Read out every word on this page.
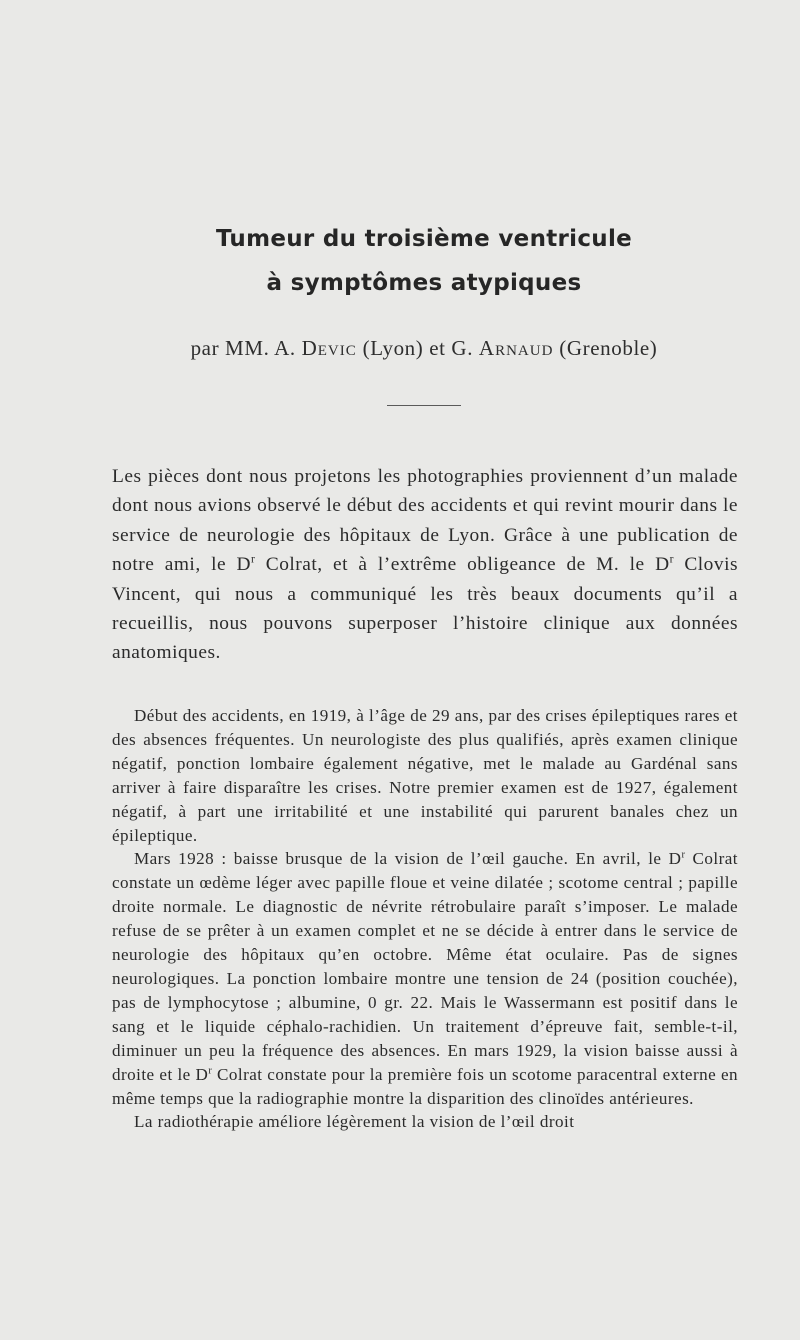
Tumeur du troisième ventricule
à symptômes atypiques
par MM. A. Devic (Lyon) et G. Arnaud (Grenoble)

Les pièces dont nous projetons les photographies proviennent d’un malade dont nous avions observé le début des accidents et qui revint mourir dans le service de neurologie des hôpitaux de Lyon. Grâce à une publication de notre ami, le $D^r$ Colrat, et à l’extrême obligeance de M. le $D^r$ Clovis Vincent, qui nous a communiqué les très beaux documents qu’il a recueillis, nous pouvons superposer l’histoire clinique aux données anatomiques.

Début des accidents, en 1919, à l’âge de 29 ans, par des crises épileptiques rares et des absences fréquentes. Un neurologiste des plus qualifiés, après examen clinique négatif, ponction lombaire également négative, met le malade au Gardénal sans arriver à faire disparaître les crises. Notre premier examen est de 1927, également négatif, à part une irritabilité et une instabilité qui parurent banales chez un épileptique.

Mars 1928 : baisse brusque de la vision de l’œil gauche. En avril, le $D^r$ Colrat constate un œdème léger avec papille floue et veine dilatée ; scotome central ; papille droite normale. Le diagnostic de névrite rétrobulaire paraît s’imposer. Le malade refuse de se prêter à un examen complet et ne se décide à entrer dans le service de neurologie des hôpitaux qu’en octobre. Même état oculaire. Pas de signes neurologiques. La ponction lombaire montre une tension de 24 (position couchée), pas de lymphocytose ; albumine, 0 gr. 22. Mais le Wassermann est positif dans le sang et le liquide céphalo-rachidien. Un traitement d’épreuve fait, semble-t-il, diminuer un peu la fréquence des absences. En mars 1929, la vision baisse aussi à droite et le $D^r$ Colrat constate pour la première fois un scotome paracentral externe en même temps que la radiographie montre la disparition des clinoïdes antérieures.

La radiothérapie améliore légèrement la vision de l’œil droit
